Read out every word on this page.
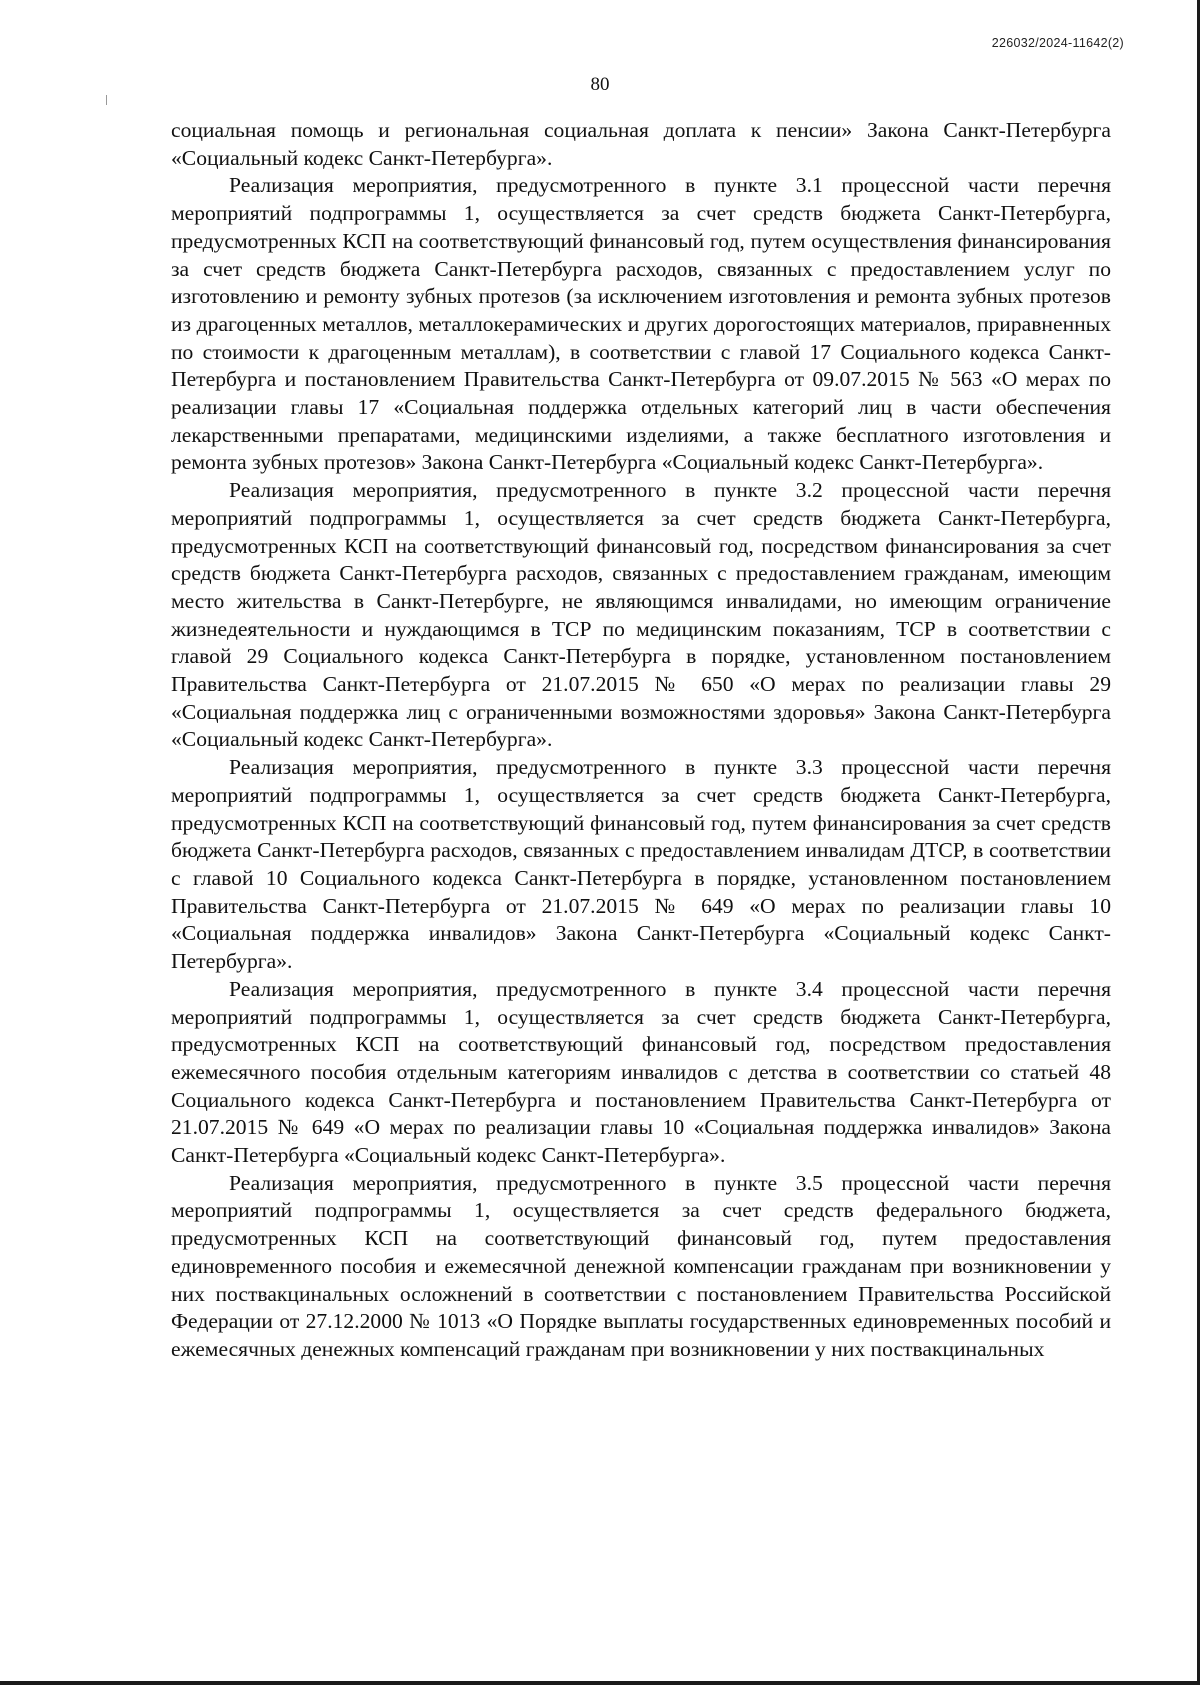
226032/2024-11642(2)
80

социальная помощь и региональная социальная доплата к пенсии» Закона Санкт-Петербурга «Социальный кодекс Санкт-Петербурга».

Реализация мероприятия, предусмотренного в пункте 3.1 процессной части перечня мероприятий подпрограммы 1, осуществляется за счет средств бюджета Санкт-Петербурга, предусмотренных КСП на соответствующий финансовый год, путем осуществления финансирования за счет средств бюджета Санкт-Петербурга расходов, связанных с предоставлением услуг по изготовлению и ремонту зубных протезов (за исключением изготовления и ремонта зубных протезов из драгоценных металлов, металлокерамических и других дорогостоящих материалов, приравненных по стоимости к драгоценным металлам), в соответствии с главой 17 Социального кодекса Санкт-Петербурга и постановлением Правительства Санкт-Петербурга от 09.07.2015 № 563 «О мерах по реализации главы 17 «Социальная поддержка отдельных категорий лиц в части обеспечения лекарственными препаратами, медицинскими изделиями, а также бесплатного изготовления и ремонта зубных протезов» Закона Санкт-Петербурга «Социальный кодекс Санкт-Петербурга».

Реализация мероприятия, предусмотренного в пункте 3.2 процессной части перечня мероприятий подпрограммы 1, осуществляется за счет средств бюджета Санкт-Петербурга, предусмотренных КСП на соответствующий финансовый год, посредством финансирования за счет средств бюджета Санкт-Петербурга расходов, связанных с предоставлением гражданам, имеющим место жительства в Санкт-Петербурге, не являющимся инвалидами, но имеющим ограничение жизнедеятельности и нуждающимся в ТСР по медицинским показаниям, ТСР в соответствии с главой 29 Социального кодекса Санкт-Петербурга в порядке, установленном постановлением Правительства Санкт-Петербурга от 21.07.2015 № 650 «О мерах по реализации главы 29 «Социальная поддержка лиц с ограниченными возможностями здоровья» Закона Санкт-Петербурга «Социальный кодекс Санкт-Петербурга».

Реализация мероприятия, предусмотренного в пункте 3.3 процессной части перечня мероприятий подпрограммы 1, осуществляется за счет средств бюджета Санкт-Петербурга, предусмотренных КСП на соответствующий финансовый год, путем финансирования за счет средств бюджета Санкт-Петербурга расходов, связанных с предоставлением инвалидам ДТСР, в соответствии с главой 10 Социального кодекса Санкт-Петербурга в порядке, установленном постановлением Правительства Санкт-Петербурга от 21.07.2015 № 649 «О мерах по реализации главы 10 «Социальная поддержка инвалидов» Закона Санкт-Петербурга «Социальный кодекс Санкт-Петербурга».

Реализация мероприятия, предусмотренного в пункте 3.4 процессной части перечня мероприятий подпрограммы 1, осуществляется за счет средств бюджета Санкт-Петербурга, предусмотренных КСП на соответствующий финансовый год, посредством предоставления ежемесячного пособия отдельным категориям инвалидов с детства в соответствии со статьей 48 Социального кодекса Санкт-Петербурга и постановлением Правительства Санкт-Петербурга от 21.07.2015 № 649 «О мерах по реализации главы 10 «Социальная поддержка инвалидов» Закона Санкт-Петербурга «Социальный кодекс Санкт-Петербурга».

Реализация мероприятия, предусмотренного в пункте 3.5 процессной части перечня мероприятий подпрограммы 1, осуществляется за счет средств федерального бюджета, предусмотренных КСП на соответствующий финансовый год, путем предоставления единовременного пособия и ежемесячной денежной компенсации гражданам при возникновении у них поствакцинальных осложнений в соответствии с постановлением Правительства Российской Федерации от 27.12.2000 № 1013 «О Порядке выплаты государственных единовременных пособий и ежемесячных денежных компенсаций гражданам при возникновении у них поствакцинальных
